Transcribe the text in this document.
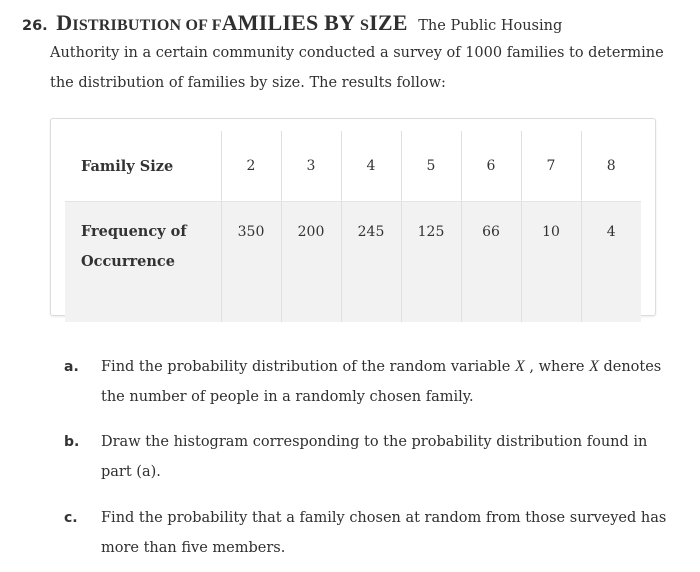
26. DISTRIBUTION OF FAMILIES BY SIZE The Public Housing
Authority in a certain community conducted a survey of 1000 families to determine
the distribution of families by size. The results follow:
Family Size	2	3	4	5	6	7	8

Frequency of
Occurrence	350	200	245	125	66	10	4
a. Find the probability distribution of the random variable X , where X denotes
the number of people in a randomly chosen family.
b. Draw the histogram corresponding to the probability distribution found in
part (a).
c. Find the probability that a family chosen at random from those surveyed has
more than five members.
